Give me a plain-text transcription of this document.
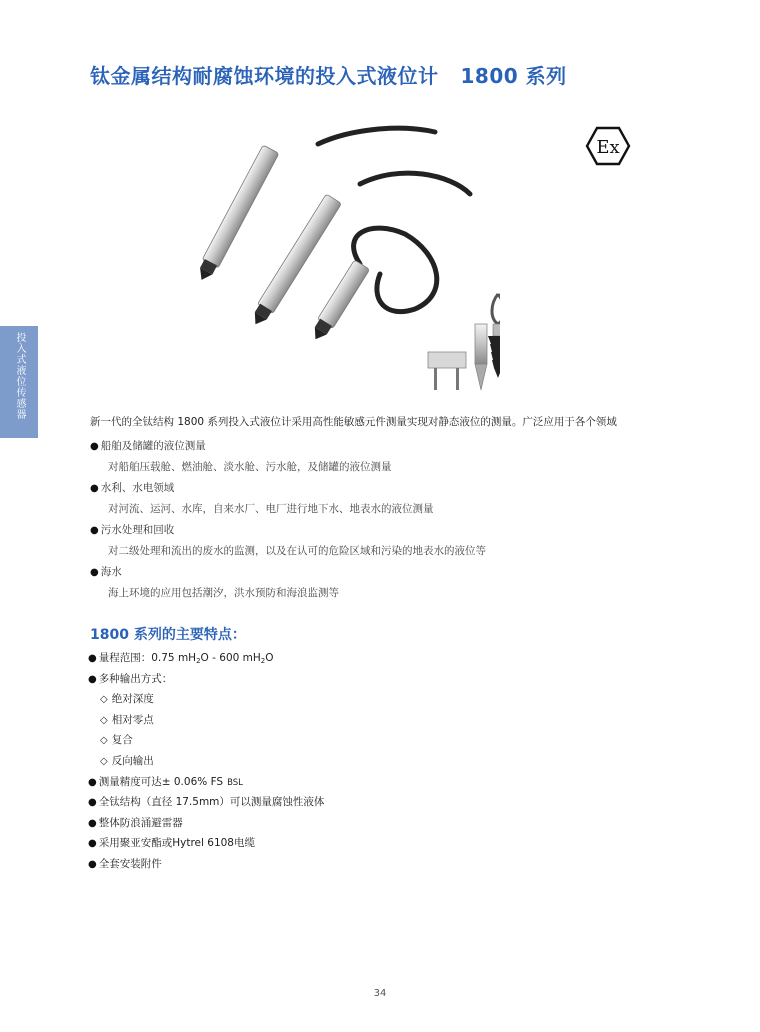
钛金属结构耐腐蚀环境的投入式液位计 1800 系列
投入式液位传感器
Ex
新一代的全钛结构 1800 系列投入式液位计采用高性能敏感元件测量实现对静态液位的测量。广泛应用于各个领域
● 船舶及储罐的液位测量
对船舶压载舱、燃油舱、淡水舱、污水舱，及储罐的液位测量
● 水利、水电领域
对河流、运河、水库，自来水厂、电厂进行地下水、地表水的液位测量
● 污水处理和回收
对二级处理和流出的废水的监测，以及在认可的危险区域和污染的地表水的液位等
● 海水
海上环境的应用包括潮汐，洪水预防和海浪监测等
1800 系列的主要特点：
● 量程范围：0.75 $mH_2O - 600$ $mH_2O$
● 多种输出方式：
◇ 绝对深度
◇ 相对零点
◇ 复合
◇ 反向输出
● 测量精度可达± 0.06% FS BSL
● 全钛结构（直径 17.5mm）可以测量腐蚀性液体
● 整体防浪涌避雷器
● 采用聚亚安酯或Hytrel 6108电缆
● 全套安装附件
34
